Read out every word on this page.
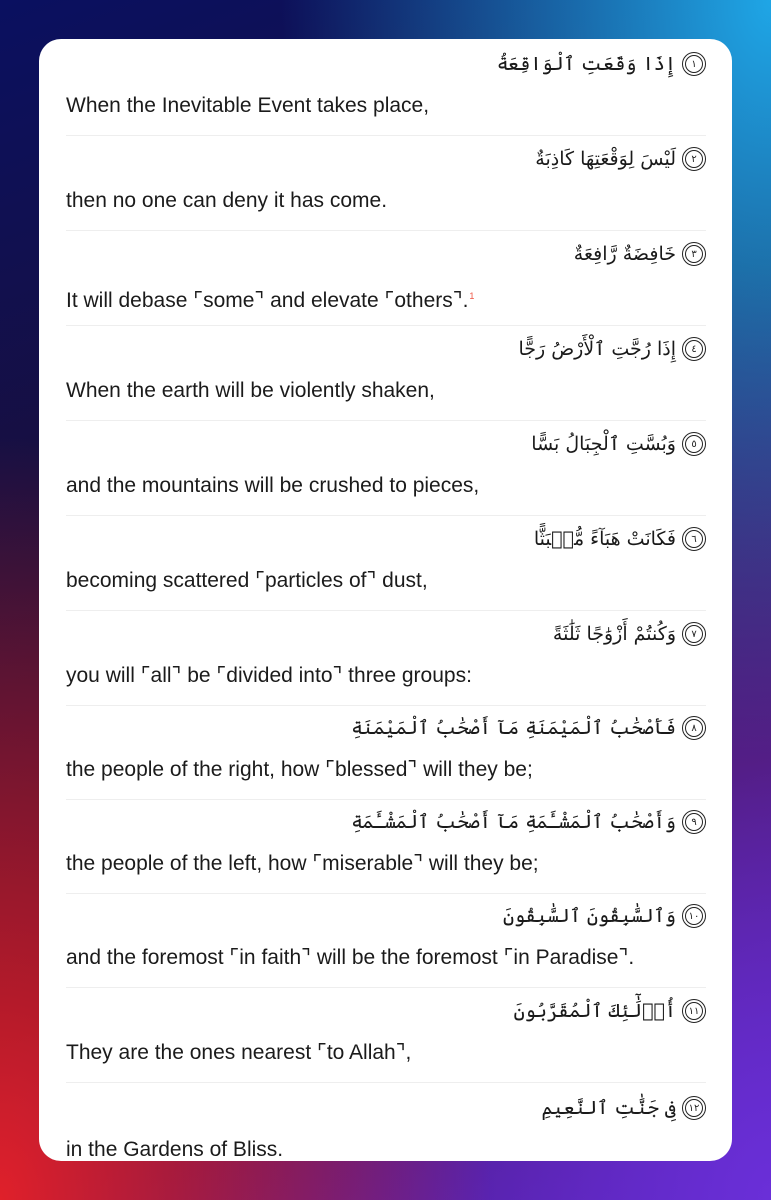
١
إِذَا وَقَعَتِ ٱلْوَاقِعَةُ
When the Inevitable Event takes place,
٢
لَيْسَ لِوَقْعَتِهَا كَاذِبَةٌ
then no one can deny it has come.
٣
خَافِضَةٌ رَّافِعَةٌ
It will debase ⌜some⌝ and elevate ⌜others⌝.$^1$
٤
إِذَا رُجَّتِ ٱلْأَرْضُ رَجًّا
When the earth will be violently shaken,
٥
وَبُسَّتِ ٱلْجِبَالُ بَسًّا
and the mountains will be crushed to pieces,
٦
فَكَانَتْ هَبَآءً مُّنۢبَثًّا
becoming scattered ⌜particles of⌝ dust,
٧
وَكُنتُمْ أَزْوَٰجًا ثَلَٰثَةً
you will ⌜all⌝ be ⌜divided into⌝ three groups:
٨
فَأَصْحَٰبُ ٱلْمَيْمَنَةِ مَآ أَصْحَٰبُ ٱلْمَيْمَنَةِ
the people of the right, how ⌜blessed⌝ will they be;
٩
وَأَصْحَٰبُ ٱلْمَشْـَٔمَةِ مَآ أَصْحَٰبُ ٱلْمَشْـَٔمَةِ
the people of the left, how ⌜miserable⌝ will they be;
١٠
وَٱلسَّٰبِقُونَ ٱلسَّٰبِقُونَ
and the foremost ⌜in faith⌝ will be the foremost ⌜in Paradise⌝.
١١
أُو۟لَٰٓئِكَ ٱلْمُقَرَّبُونَ
They are the ones nearest ⌜to Allah⌝,
١٢
فِى جَنَّٰتِ ٱلنَّعِيمِ
in the Gardens of Bliss.
